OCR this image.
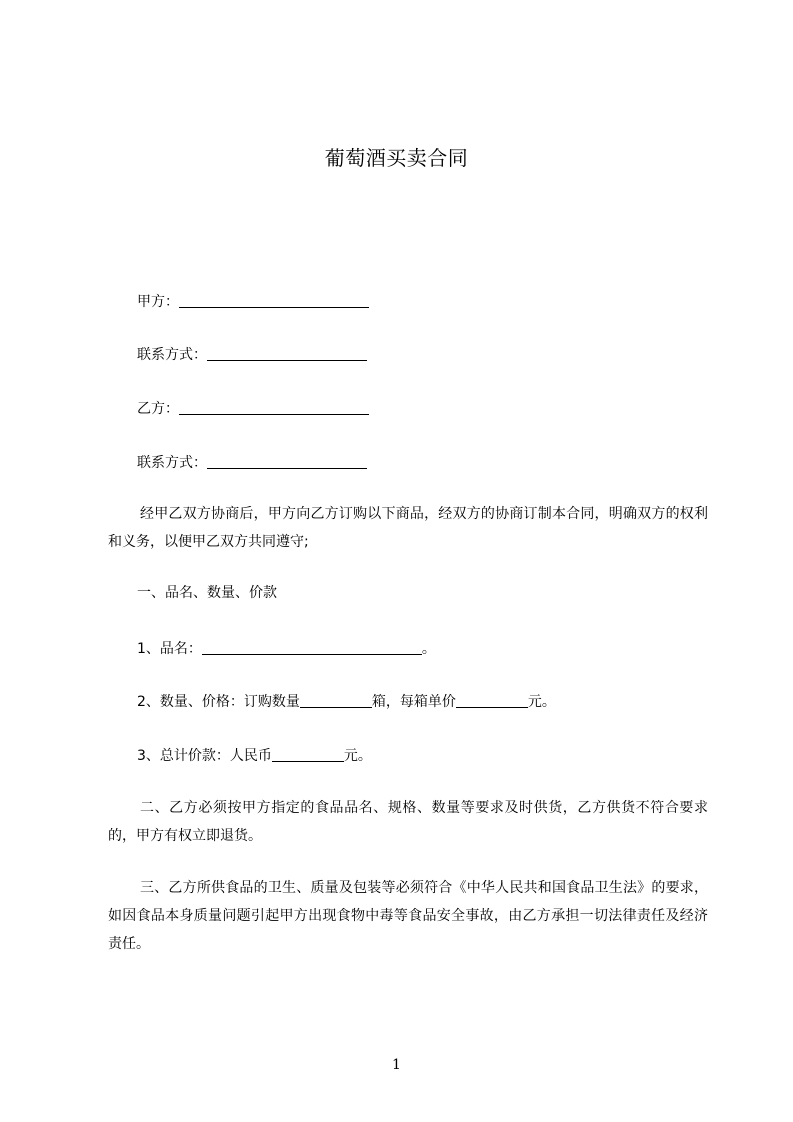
葡萄酒买卖合同
甲方：
联系方式：
乙方：
联系方式：
经甲乙双方协商后，甲方向乙方订购以下商品，经双方的协商订制本合同，明确双方的权利和义务，以便甲乙双方共同遵守;
一、品名、数量、价款
1、品名：	。
2、数量、价格：订购数量	箱，每箱单价	元。
3、总计价款：人民币	元。
二、乙方必须按甲方指定的食品品名、规格、数量等要求及时供货，乙方供货不符合要求的，甲方有权立即退货。
三、乙方所供食品的卫生、质量及包装等必须符合《中华人民共和国食品卫生法》的要求，如因食品本身质量问题引起甲方出现食物中毒等食品安全事故，由乙方承担一切法律责任及经济责任。
1
